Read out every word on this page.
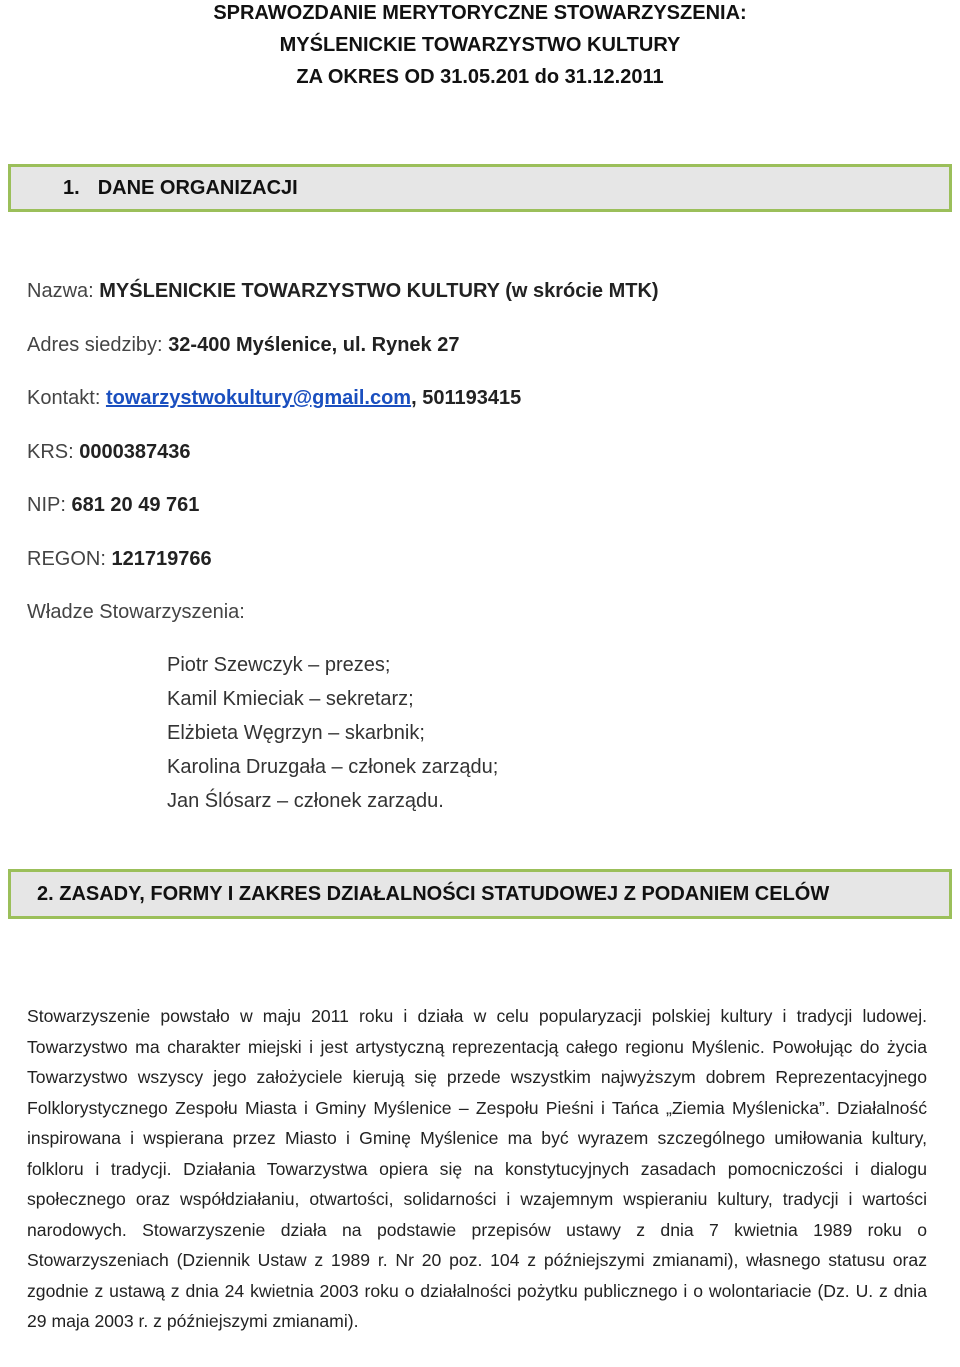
SPRAWOZDANIE MERYTORYCZNE STOWARZYSZENIA:
MYŚLENICKIE TOWARZYSTWO KULTURY
ZA OKRES OD 31.05.201 do 31.12.2011
1. DANE ORGANIZACJI
Nazwa: MYŚLENICKIE TOWARZYSTWO KULTURY (w skrócie MTK)
Adres siedziby: 32-400 Myślenice, ul. Rynek 27
Kontakt: towarzystwokultury@gmail.com, 501193415
KRS: 0000387436
NIP: 681 20 49 761
REGON: 121719766
Władze Stowarzyszenia:
Piotr Szewczyk – prezes;
Kamil Kmieciak – sekretarz;
Elżbieta Węgrzyn – skarbnik;
Karolina Druzgała – członek zarządu;
Jan Ślósarz – członek zarządu.
2. ZASADY, FORMY I ZAKRES DZIAŁALNOŚCI STATUDOWEJ Z PODANIEM CELÓW
Stowarzyszenie powstało w maju 2011 roku i działa w celu popularyzacji polskiej kultury i tradycji ludowej. Towarzystwo ma charakter miejski i jest artystyczną reprezentacją całego regionu Myślenic. Powołując do życia Towarzystwo wszyscy jego założyciele kierują się przede wszystkim najwyższym dobrem Reprezentacyjnego Folklorystycznego Zespołu Miasta i Gminy Myślenice – Zespołu Pieśni i Tańca „Ziemia Myślenicka”. Działalność inspirowana i wspierana przez Miasto i Gminę Myślenice ma być wyrazem szczególnego umiłowania kultury, folkloru i tradycji. Działania Towarzystwa opiera się na konstytucyjnych zasadach pomocniczości i dialogu społecznego oraz współdziałaniu, otwartości, solidarności i wzajemnym wspieraniu kultury, tradycji i wartości narodowych. Stowarzyszenie działa na podstawie przepisów ustawy z dnia 7 kwietnia 1989 roku o Stowarzyszeniach (Dziennik Ustaw z 1989 r. Nr 20 poz. 104 z późniejszymi zmianami), własnego statusu oraz zgodnie z ustawą z dnia 24 kwietnia 2003 roku o działalności pożytku publicznego i o wolontariacie (Dz. U. z dnia 29 maja 2003 r. z późniejszymi zmianami).
